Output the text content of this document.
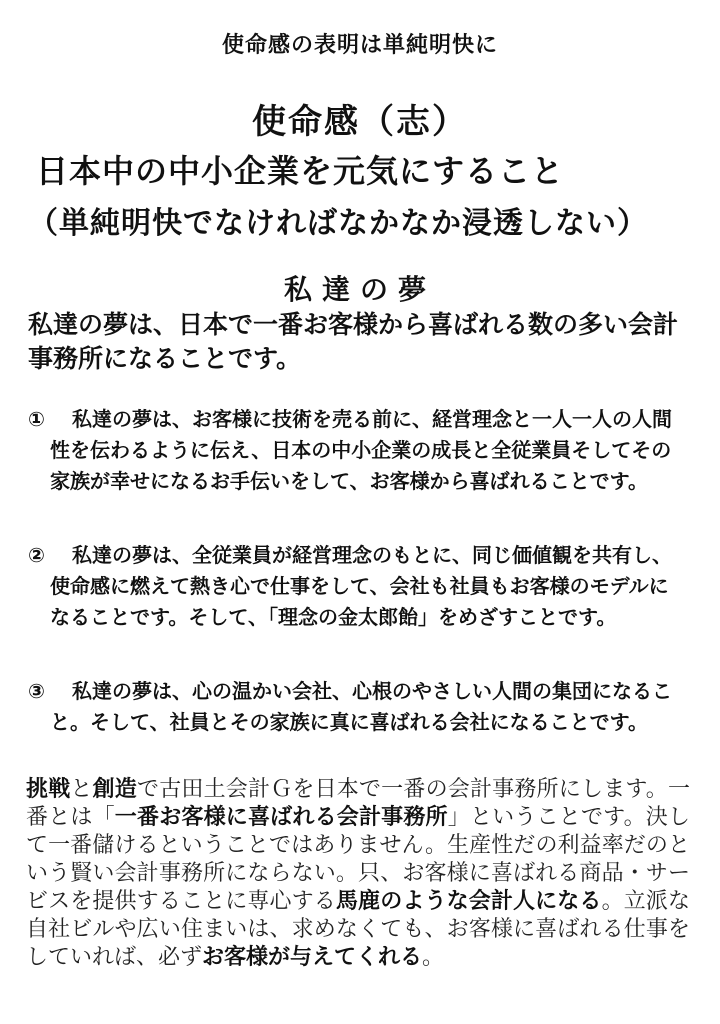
使命感の表明は単純明快に
使命感（志）
日本中の中小企業を元気にすること
（単純明快でなければなかなか浸透しない）
私達の夢
私達の夢は、日本で一番お客様から喜ばれる数の多い会計事務所になることです。
① 私達の夢は、お客様に技術を売る前に、経営理念と一人一人の人間性を伝わるように伝え、日本の中小企業の成長と全従業員そしてその家族が幸せになるお手伝いをして、お客様から喜ばれることです。
② 私達の夢は、全従業員が経営理念のもとに、同じ価値観を共有し、使命感に燃えて熱き心で仕事をして、会社も社員もお客様のモデルになることです。そして、「理念の金太郎飴」をめざすことです。
③ 私達の夢は、心の温かい会社、心根のやさしい人間の集団になること。そして、社員とその家族に真に喜ばれる会社になることです。
挑戦と創造で古田土会計Ｇを日本で一番の会計事務所にします。一番とは「一番お客様に喜ばれる会計事務所」ということです。決して一番儲けるということではありません。生産性だの利益率だのという賢い会計事務所にならない。只、お客様に喜ばれる商品・サービスを提供することに専心する馬鹿のような会計人になる。立派な自社ビルや広い住まいは、求めなくても、お客様に喜ばれる仕事をしていれば、必ずお客様が与えてくれる。
